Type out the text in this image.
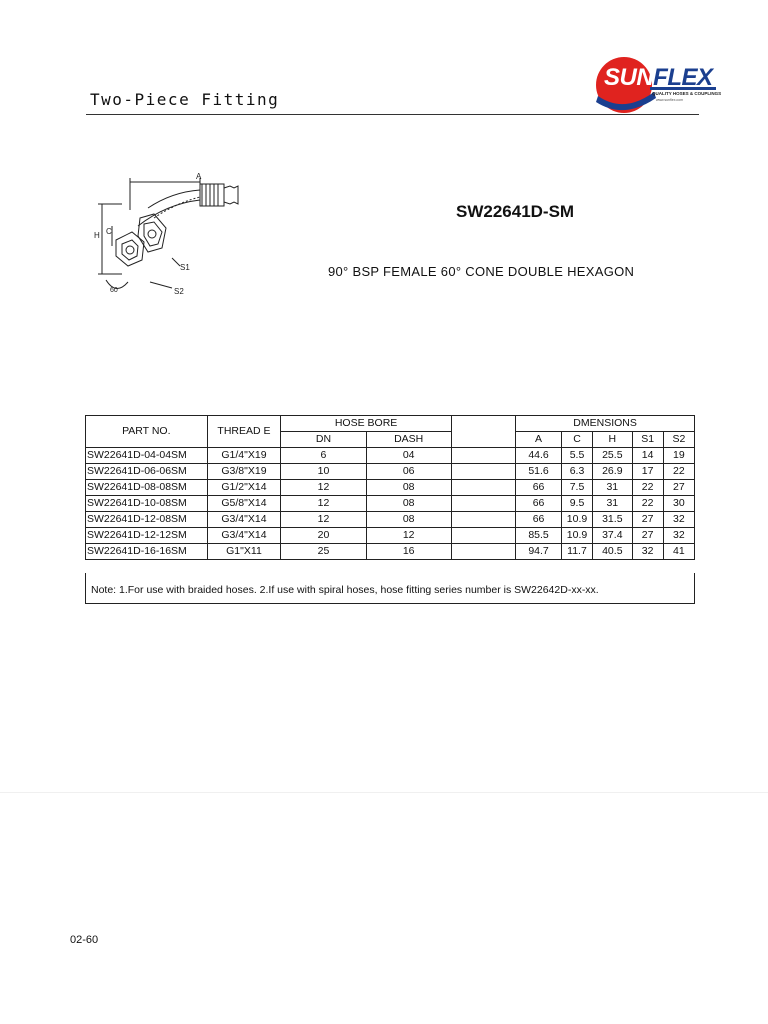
Two-Piece Fitting
SUNFLEX
QUALITY HOSES & COUPLINGS
www.sunflex.com
A
H C
S1
S2
60
SW22641D-SM
90° BSP FEMALE 60° CONE DOUBLE HEXAGON
PART NO.	THREAD E	HOSE BORE			DMENSIONS				
		DN	DASH		A	C	H	S1	S2
SW22641D-04-04SM	G1/4"X19	6	04		44.6	5.5	25.5	14	19
SW22641D-06-06SM	G3/8"X19	10	06		51.6	6.3	26.9	17	22
SW22641D-08-08SM	G1/2"X14	12	08		66	7.5	31	22	27
SW22641D-10-08SM	G5/8"X14	12	08		66	9.5	31	22	30
SW22641D-12-08SM	G3/4"X14	12	08		66	10.9	31.5	27	32
SW22641D-12-12SM	G3/4"X14	20	12		85.5	10.9	37.4	27	32
SW22641D-16-16SM	G1"X11	25	16		94.7	11.7	40.5	32	41
Note: 1.For use with braided hoses. 2.If use with spiral hoses, hose fitting series number is SW22642D-xx-xx.
02-60
